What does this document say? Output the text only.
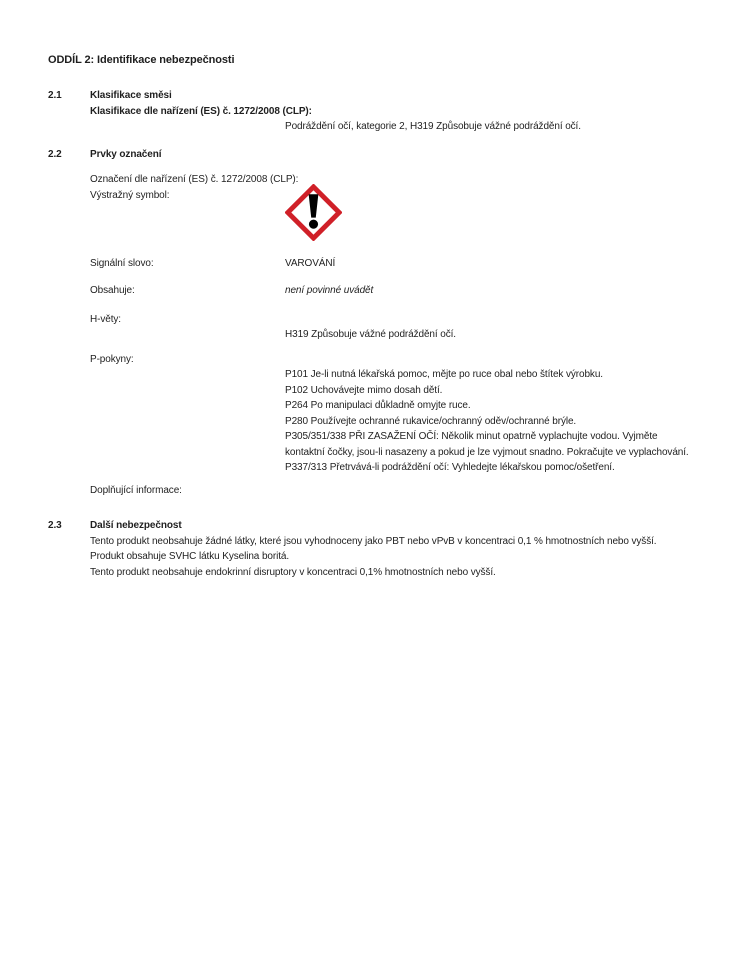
ODDÍL 2: Identifikace nebezpečnosti
2.1	Klasifikace směsi
Klasifikace dle nařízení (ES) č. 1272/2008 (CLP):
Podráždění očí, kategorie 2, H319 Způsobuje vážné podráždění očí.
2.2	Prvky označení
Označení dle nařízení (ES) č. 1272/2008 (CLP):
Výstražný symbol:
Signální slovo:	VAROVÁNÍ
Obsahuje:	není povinné uvádět
H-věty:
H319 Způsobuje vážné podráždění očí.
P-pokyny:
P101 Je-li nutná lékařská pomoc, mějte po ruce obal nebo štítek výrobku.
P102 Uchovávejte mimo dosah dětí.
P264 Po manipulaci důkladně omyjte ruce.
P280 Používejte ochranné rukavice/ochranný oděv/ochranné brýle.
P305/351/338 PŘI ZASAŽENÍ OČÍ: Několik minut opatrně vyplachujte vodou. Vyjměte
kontaktní čočky, jsou-li nasazeny a pokud je lze vyjmout snadno. Pokračujte ve vyplachování.
P337/313 Přetrvává-li podráždění očí: Vyhledejte lékařskou pomoc/ošetření.
Doplňující informace:
2.3	Další nebezpečnost
Tento produkt neobsahuje žádné látky, které jsou vyhodnoceny jako PBT nebo vPvB v koncentraci 0,1 % hmotnostních nebo vyšší.
Produkt obsahuje SVHC látku Kyselina boritá.
Tento produkt neobsahuje endokrinní disruptory v koncentraci 0,1% hmotnostních nebo vyšší.
